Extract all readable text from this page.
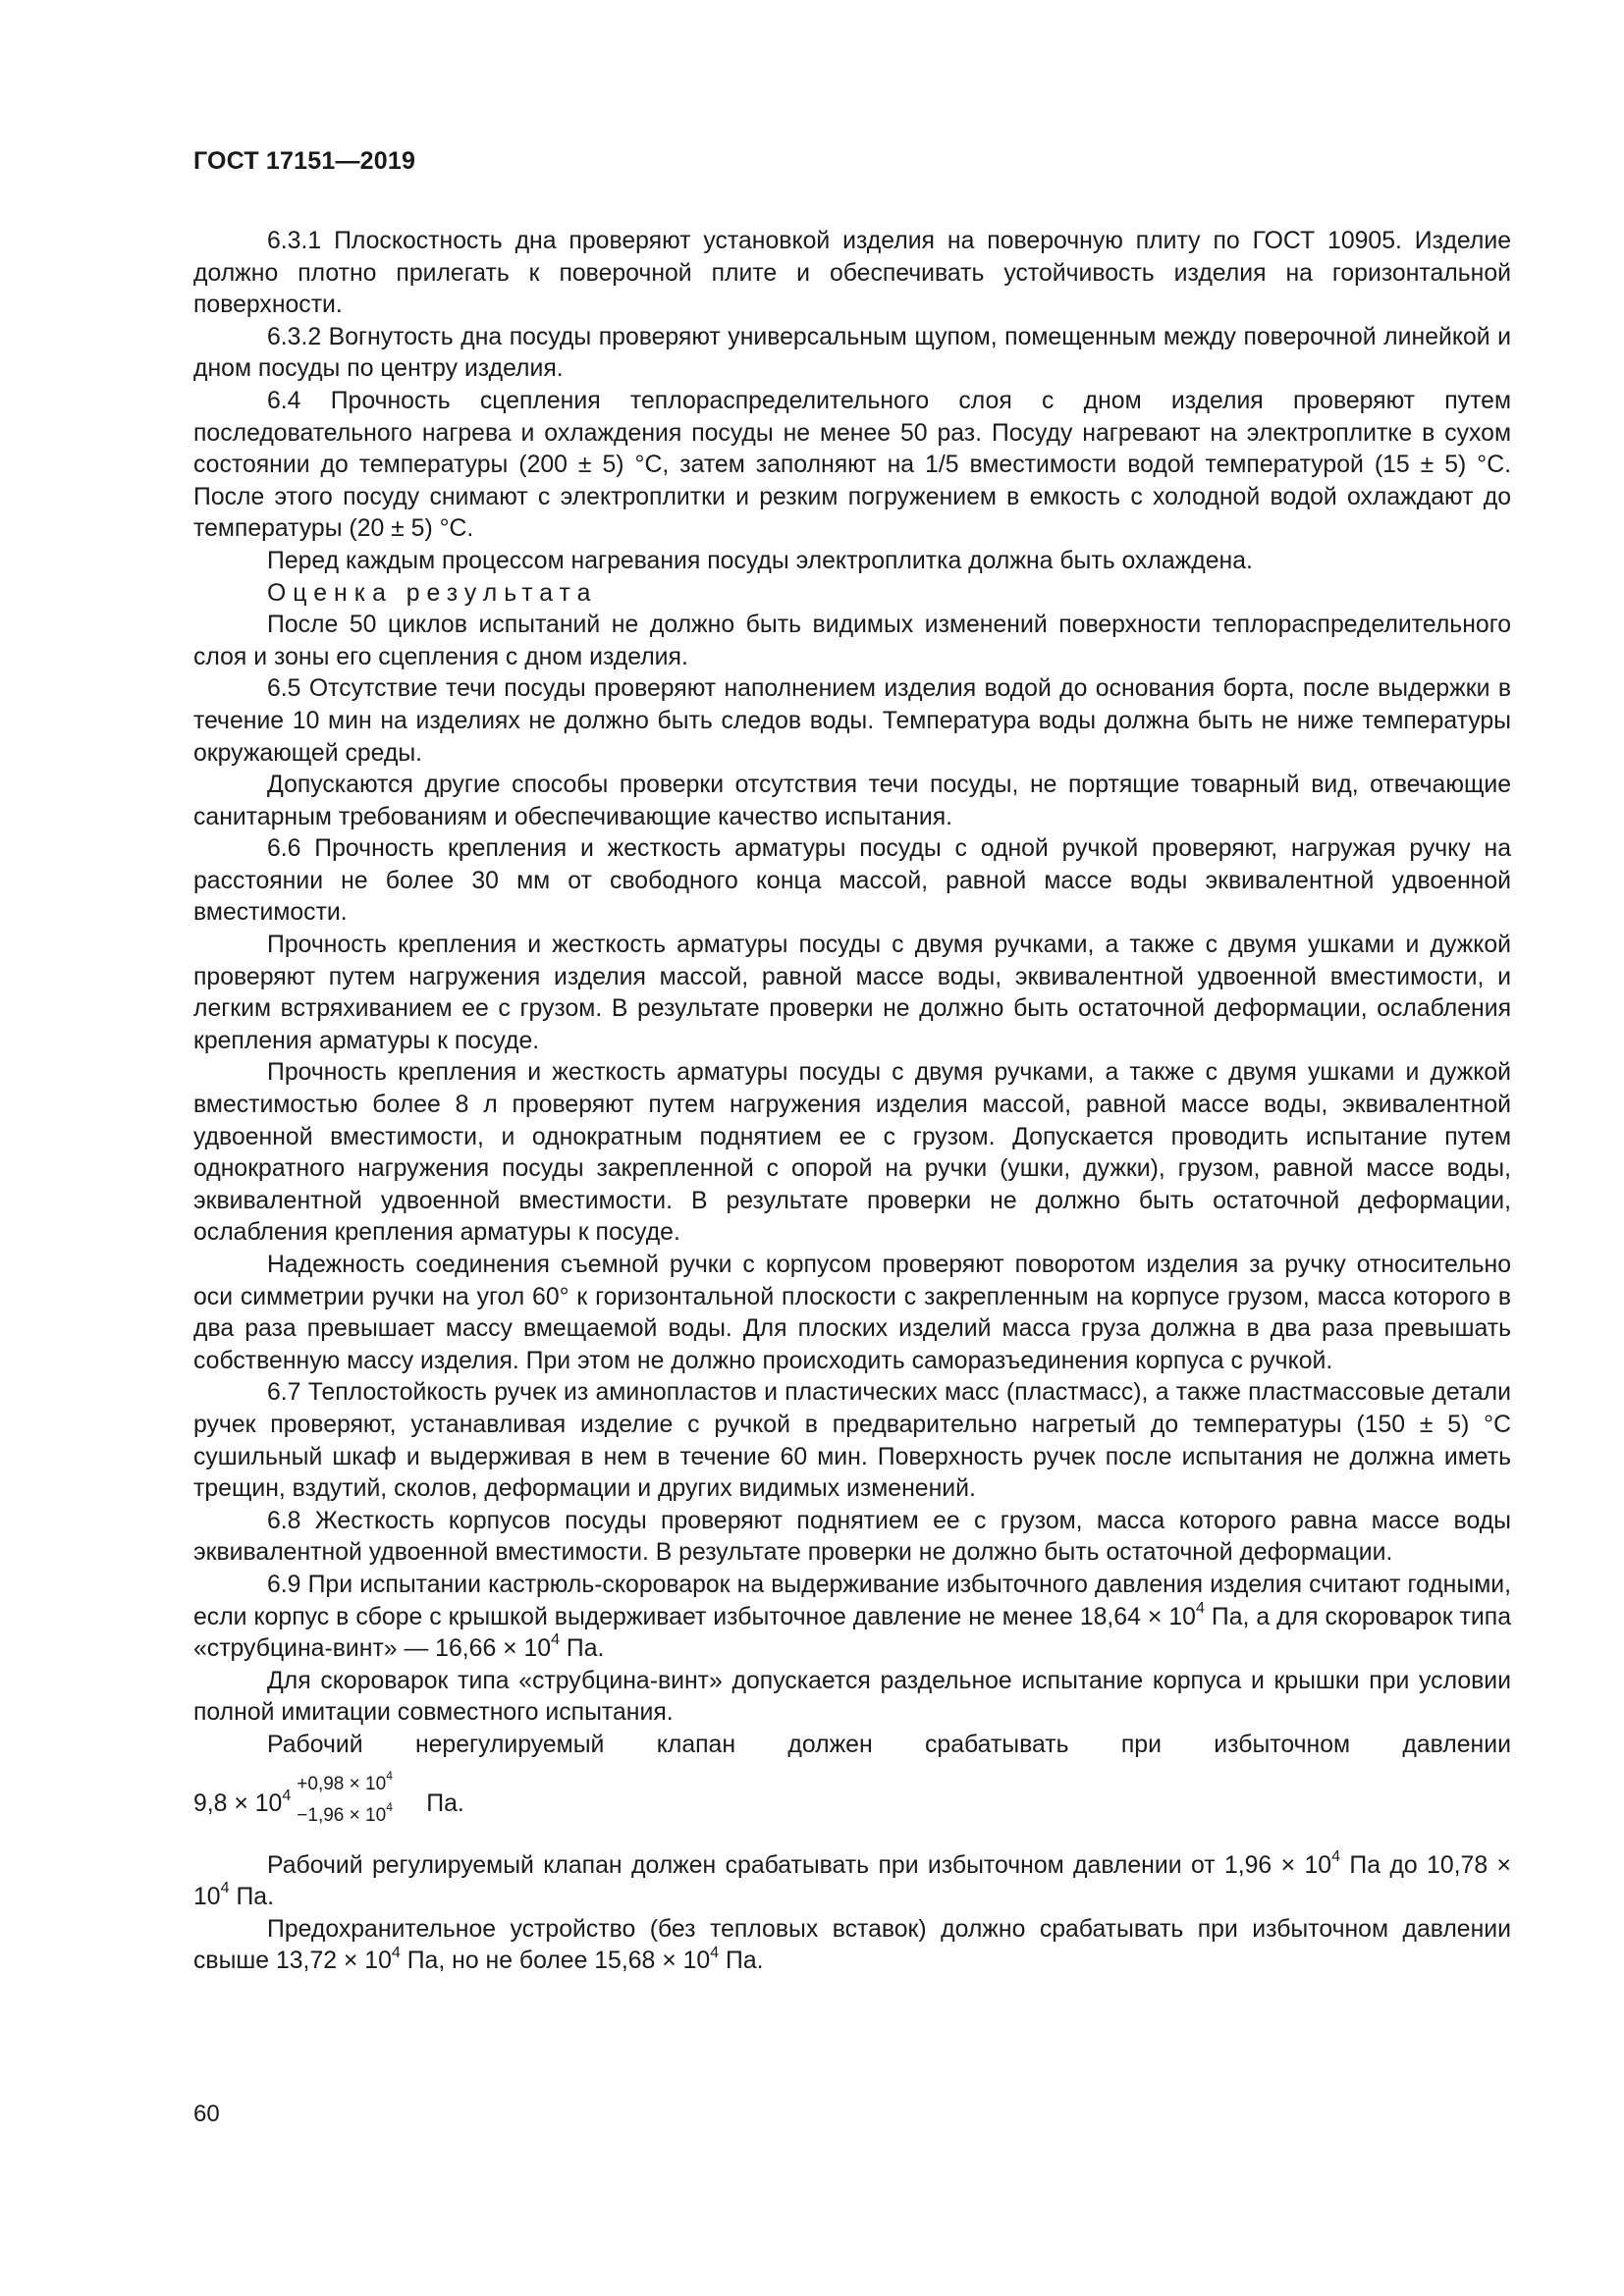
ГОСТ 17151—2019

6.3.1 Плоскостность дна проверяют установкой изделия на поверочную плиту по ГОСТ 10905. Изделие должно плотно прилегать к поверочной плите и обеспечивать устойчивость изделия на горизонтальной поверхности.

6.3.2 Вогнутость дна посуды проверяют универсальным щупом, помещенным между поверочной линейкой и дном посуды по центру изделия.

6.4 Прочность сцепления теплораспределительного слоя с дном изделия проверяют путем последовательного нагрева и охлаждения посуды не менее 50 раз. Посуду нагревают на электроплитке в сухом состоянии до температуры (200 ± 5) °С, затем заполняют на 1/5 вместимости водой температурой (15 ± 5) °С. После этого посуду снимают с электроплитки и резким погружением в емкость с холодной водой охлаждают до температуры (20 ± 5) °С.

Перед каждым процессом нагревания посуды электроплитка должна быть охлаждена.

Оценка результата

После 50 циклов испытаний не должно быть видимых изменений поверхности теплораспределительного слоя и зоны его сцепления с дном изделия.

6.5 Отсутствие течи посуды проверяют наполнением изделия водой до основания борта, после выдержки в течение 10 мин на изделиях не должно быть следов воды. Температура воды должна быть не ниже температуры окружающей среды.

Допускаются другие способы проверки отсутствия течи посуды, не портящие товарный вид, отвечающие санитарным требованиям и обеспечивающие качество испытания.

6.6 Прочность крепления и жесткость арматуры посуды с одной ручкой проверяют, нагружая ручку на расстоянии не более 30 мм от свободного конца массой, равной массе воды эквивалентной удвоенной вместимости.

Прочность крепления и жесткость арматуры посуды с двумя ручками, а также с двумя ушками и дужкой проверяют путем нагружения изделия массой, равной массе воды, эквивалентной удвоенной вместимости, и легким встряхиванием ее с грузом. В результате проверки не должно быть остаточной деформации, ослабления крепления арматуры к посуде.

Прочность крепления и жесткость арматуры посуды с двумя ручками, а также с двумя ушками и дужкой вместимостью более 8 л проверяют путем нагружения изделия массой, равной массе воды, эквивалентной удвоенной вместимости, и однократным поднятием ее с грузом. Допускается проводить испытание путем однократного нагружения посуды закрепленной с опорой на ручки (ушки, дужки), грузом, равной массе воды, эквивалентной удвоенной вместимости. В результате проверки не должно быть остаточной деформации, ослабления крепления арматуры к посуде.

Надежность соединения съемной ручки с корпусом проверяют поворотом изделия за ручку относительно оси симметрии ручки на угол 60° к горизонтальной плоскости с закрепленным на корпусе грузом, масса которого в два раза превышает массу вмещаемой воды. Для плоских изделий масса груза должна в два раза превышать собственную массу изделия. При этом не должно происходить саморазъединения корпуса с ручкой.

6.7 Теплостойкость ручек из аминопластов и пластических масс (пластмасс), а также пластмассовые детали ручек проверяют, устанавливая изделие с ручкой в предварительно нагретый до температуры (150 ± 5) °С сушильный шкаф и выдерживая в нем в течение 60 мин. Поверхность ручек после испытания не должна иметь трещин, вздутий, сколов, деформации и других видимых изменений.

6.8 Жесткость корпусов посуды проверяют поднятием ее с грузом, масса которого равна массе воды эквивалентной удвоенной вместимости. В результате проверки не должно быть остаточной деформации.

6.9 При испытании кастрюль-скороварок на выдерживание избыточного давления изделия считают годными, если корпус в сборе с крышкой выдерживает избыточное давление не менее $18,64 \times 10^4$ Па, а для скороварок типа «струбцина-винт» — $16,66 \times 10^4$ Па.

Для скороварок типа «струбцина-винт» допускается раздельное испытание корпуса и крышки при условии полной имитации совместного испытания.

Рабочий нерегулируемый клапан должен срабатывать при избыточном давлении
$9,8 \times 10^4$
$+0,98 \times 10^4$
$-1,96 \times 10^4$ Па.

Рабочий регулируемый клапан должен срабатывать при избыточном давлении от $1,96 \times 10^4$ Па до $10,78 \times 10^4$ Па.

Предохранительное устройство (без тепловых вставок) должно срабатывать при избыточном давлении свыше $13,72 \times 10^4$ Па, но не более $15,68 \times 10^4$ Па.

60
